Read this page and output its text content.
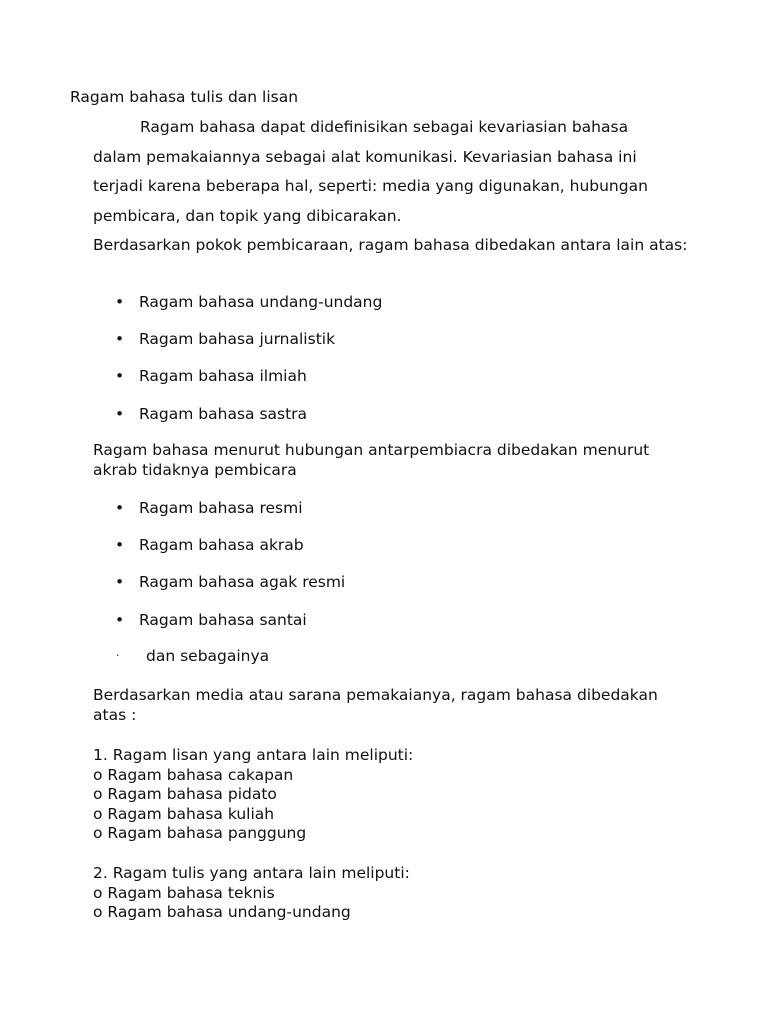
Ragam bahasa tulis dan lisan
Ragam bahasa dapat didefinisikan sebagai kevariasian bahasa
dalam pemakaiannya sebagai alat komunikasi. Kevariasian bahasa ini
terjadi karena beberapa hal, seperti: media yang digunakan, hubungan
pembicara, dan topik yang dibicarakan.

Berdasarkan pokok pembicaraan, ragam bahasa dibedakan antara lain atas:

• Ragam bahasa undang-undang
• Ragam bahasa jurnalistik
• Ragam bahasa ilmiah
• Ragam bahasa sastra

Ragam bahasa menurut hubungan antarpembiacra dibedakan menurut akrab tidaknya pembicara

• Ragam bahasa resmi
• Ragam bahasa akrab
• Ragam bahasa agak resmi
• Ragam bahasa santai
· dan sebagainya

Berdasarkan media atau sarana pemakaianya, ragam bahasa dibedakan atas :

1. Ragam lisan yang antara lain meliputi:
o Ragam bahasa cakapan
o Ragam bahasa pidato
o Ragam bahasa kuliah
o Ragam bahasa panggung
2. Ragam tulis yang antara lain meliputi:
o Ragam bahasa teknis
o Ragam bahasa undang-undang
